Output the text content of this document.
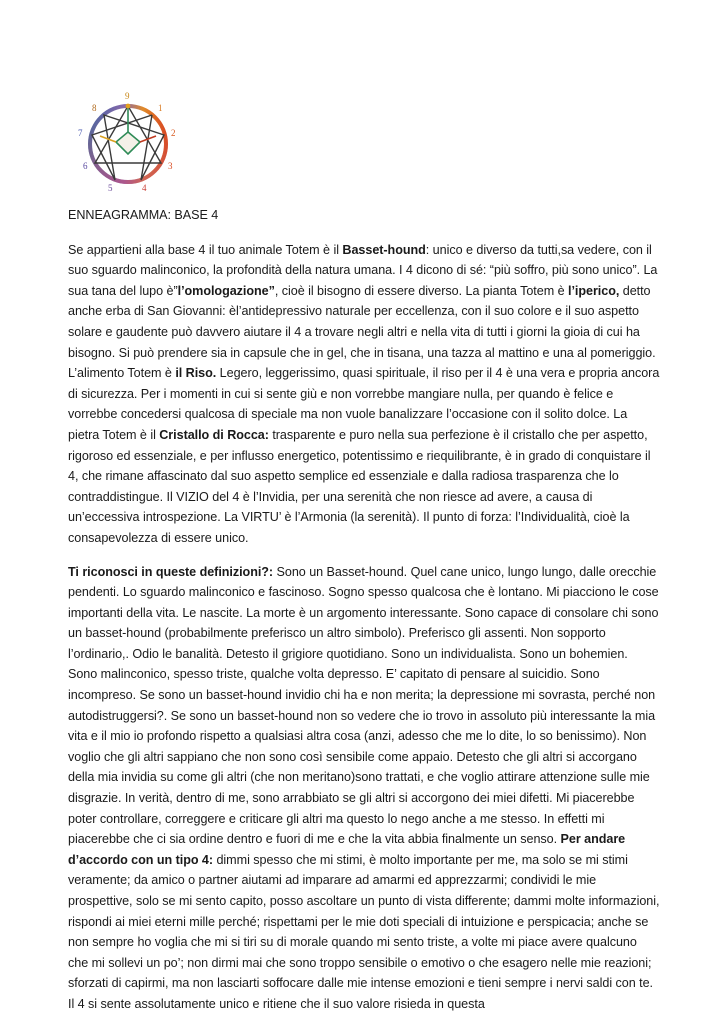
9
1
2
3
4
5
6
7
8
ENNEAGRAMMA: BASE 4

Se appartieni alla base 4 il tuo animale Totem è il Basset-hound: unico e diverso da tutti,sa vedere, con il suo sguardo malinconico, la profondità della natura umana. I 4 dicono di sé: “più soffro, più sono unico”. La sua tana del lupo è”l’omologazione”, cioè il bisogno di essere diverso. La pianta Totem è l’iperico, detto anche erba di San Giovanni: èl’antidepressivo naturale per eccellenza, con il suo colore e il suo aspetto solare e gaudente può davvero aiutare il 4 a trovare negli altri e nella vita di tutti i giorni la gioia di cui ha bisogno. Si può prendere sia in capsule che in gel, che in tisana, una tazza al mattino e una al pomeriggio. L’alimento Totem è il Riso. Legero, leggerissimo, quasi spirituale, il riso per il 4 è una vera e propria ancora di sicurezza. Per i momenti in cui si sente giù e non vorrebbe mangiare nulla, per quando è felice e vorrebbe concedersi qualcosa di speciale ma non vuole banalizzare l’occasione con il solito dolce. La pietra Totem è il Cristallo di Rocca: trasparente e puro nella sua perfezione è il cristallo che per aspetto, rigoroso ed essenziale, e per influsso energetico, potentissimo e riequilibrante, è in grado di conquistare il 4, che rimane affascinato dal suo aspetto semplice ed essenziale e dalla radiosa trasparenza che lo contraddistingue. Il VIZIO del 4 è l’Invidia, per una serenità che non riesce ad avere, a causa di un’eccessiva introspezione. La VIRTU’ è l’Armonia (la serenità). Il punto di forza: l’Individualità, cioè la consapevolezza di essere unico.

Ti riconosci in queste definizioni?: Sono un Basset-hound. Quel cane unico, lungo lungo, dalle orecchie pendenti. Lo sguardo malinconico e fascinoso. Sogno spesso qualcosa che è lontano. Mi piacciono le cose importanti della vita. Le nascite. La morte è un argomento interessante. Sono capace di consolare chi sono un basset-hound (probabilmente preferisco un altro simbolo). Preferisco gli assenti. Non sopporto l’ordinario,. Odio le banalità. Detesto il grigiore quotidiano. Sono un individualista. Sono un bohemien. Sono malinconico, spesso triste, qualche volta depresso. E’ capitato di pensare al suicidio. Sono incompreso. Se sono un basset-hound invidio chi ha e non merita; la depressione mi sovrasta, perché non autodistruggersi?. Se sono un basset-hound non so vedere che io trovo in assoluto più interessante la mia vita e il mio io profondo rispetto a qualsiasi altra cosa (anzi, adesso che me lo dite, lo so benissimo). Non voglio che gli altri sappiano che non sono così sensibile come appaio. Detesto che gli altri si accorgano della mia invidia su come gli altri (che non meritano)sono trattati, e che voglio attirare attenzione sulle mie disgrazie. In verità, dentro di me, sono arrabbiato se gli altri si accorgono dei miei difetti. Mi piacerebbe poter controllare, correggere e criticare gli altri ma questo lo nego anche a me stesso. In effetti mi piacerebbe che ci sia ordine dentro e fuori di me e che la vita abbia finalmente un senso. Per andare d’accordo con un tipo 4: dimmi spesso che mi stimi, è molto importante per me, ma solo se mi stimi veramente; da amico o partner aiutami ad imparare ad amarmi ed apprezzarmi; condividi le mie prospettive, solo se mi sento capito, posso ascoltare un punto di vista differente; dammi molte informazioni, rispondi ai miei eterni mille perché; rispettami per le mie doti speciali di intuizione e perspicacia; anche se non sempre ho voglia che mi si tiri su di morale quando mi sento triste, a volte mi piace avere qualcuno che mi sollevi un po’; non dirmi mai che sono troppo sensibile o emotivo o che esagero nelle mie reazioni; sforzati di capirmi, ma non lasciarti soffocare dalle mie intense emozioni e tieni sempre i nervi saldi con te. Il 4 si sente assolutamente unico e ritiene che il suo valore risieda in questa
